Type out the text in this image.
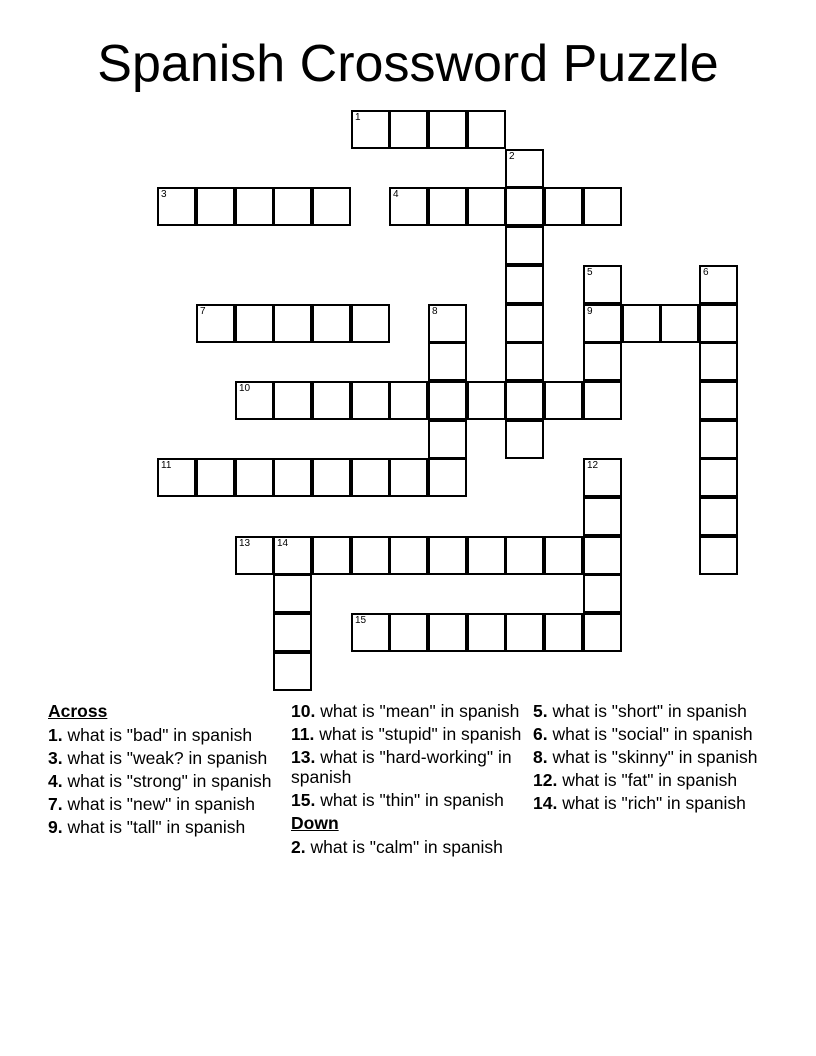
Spanish Crossword Puzzle
1
2
3	4
5	6
7	8	9
10
11	12
13	14
15
Across
1. what is "bad" in spanish
3. what is "weak? in spanish
4. what is "strong" in spanish
7. what is "new" in spanish
9. what is "tall" in spanish
10. what is "mean" in spanish
11. what is "stupid" in spanish
13. what is "hard-working" in spanish
15. what is "thin" in spanish
Down
2. what is "calm" in spanish
5. what is "short" in spanish
6. what is "social" in spanish
8. what is "skinny" in spanish
12. what is "fat" in spanish
14. what is "rich" in spanish
